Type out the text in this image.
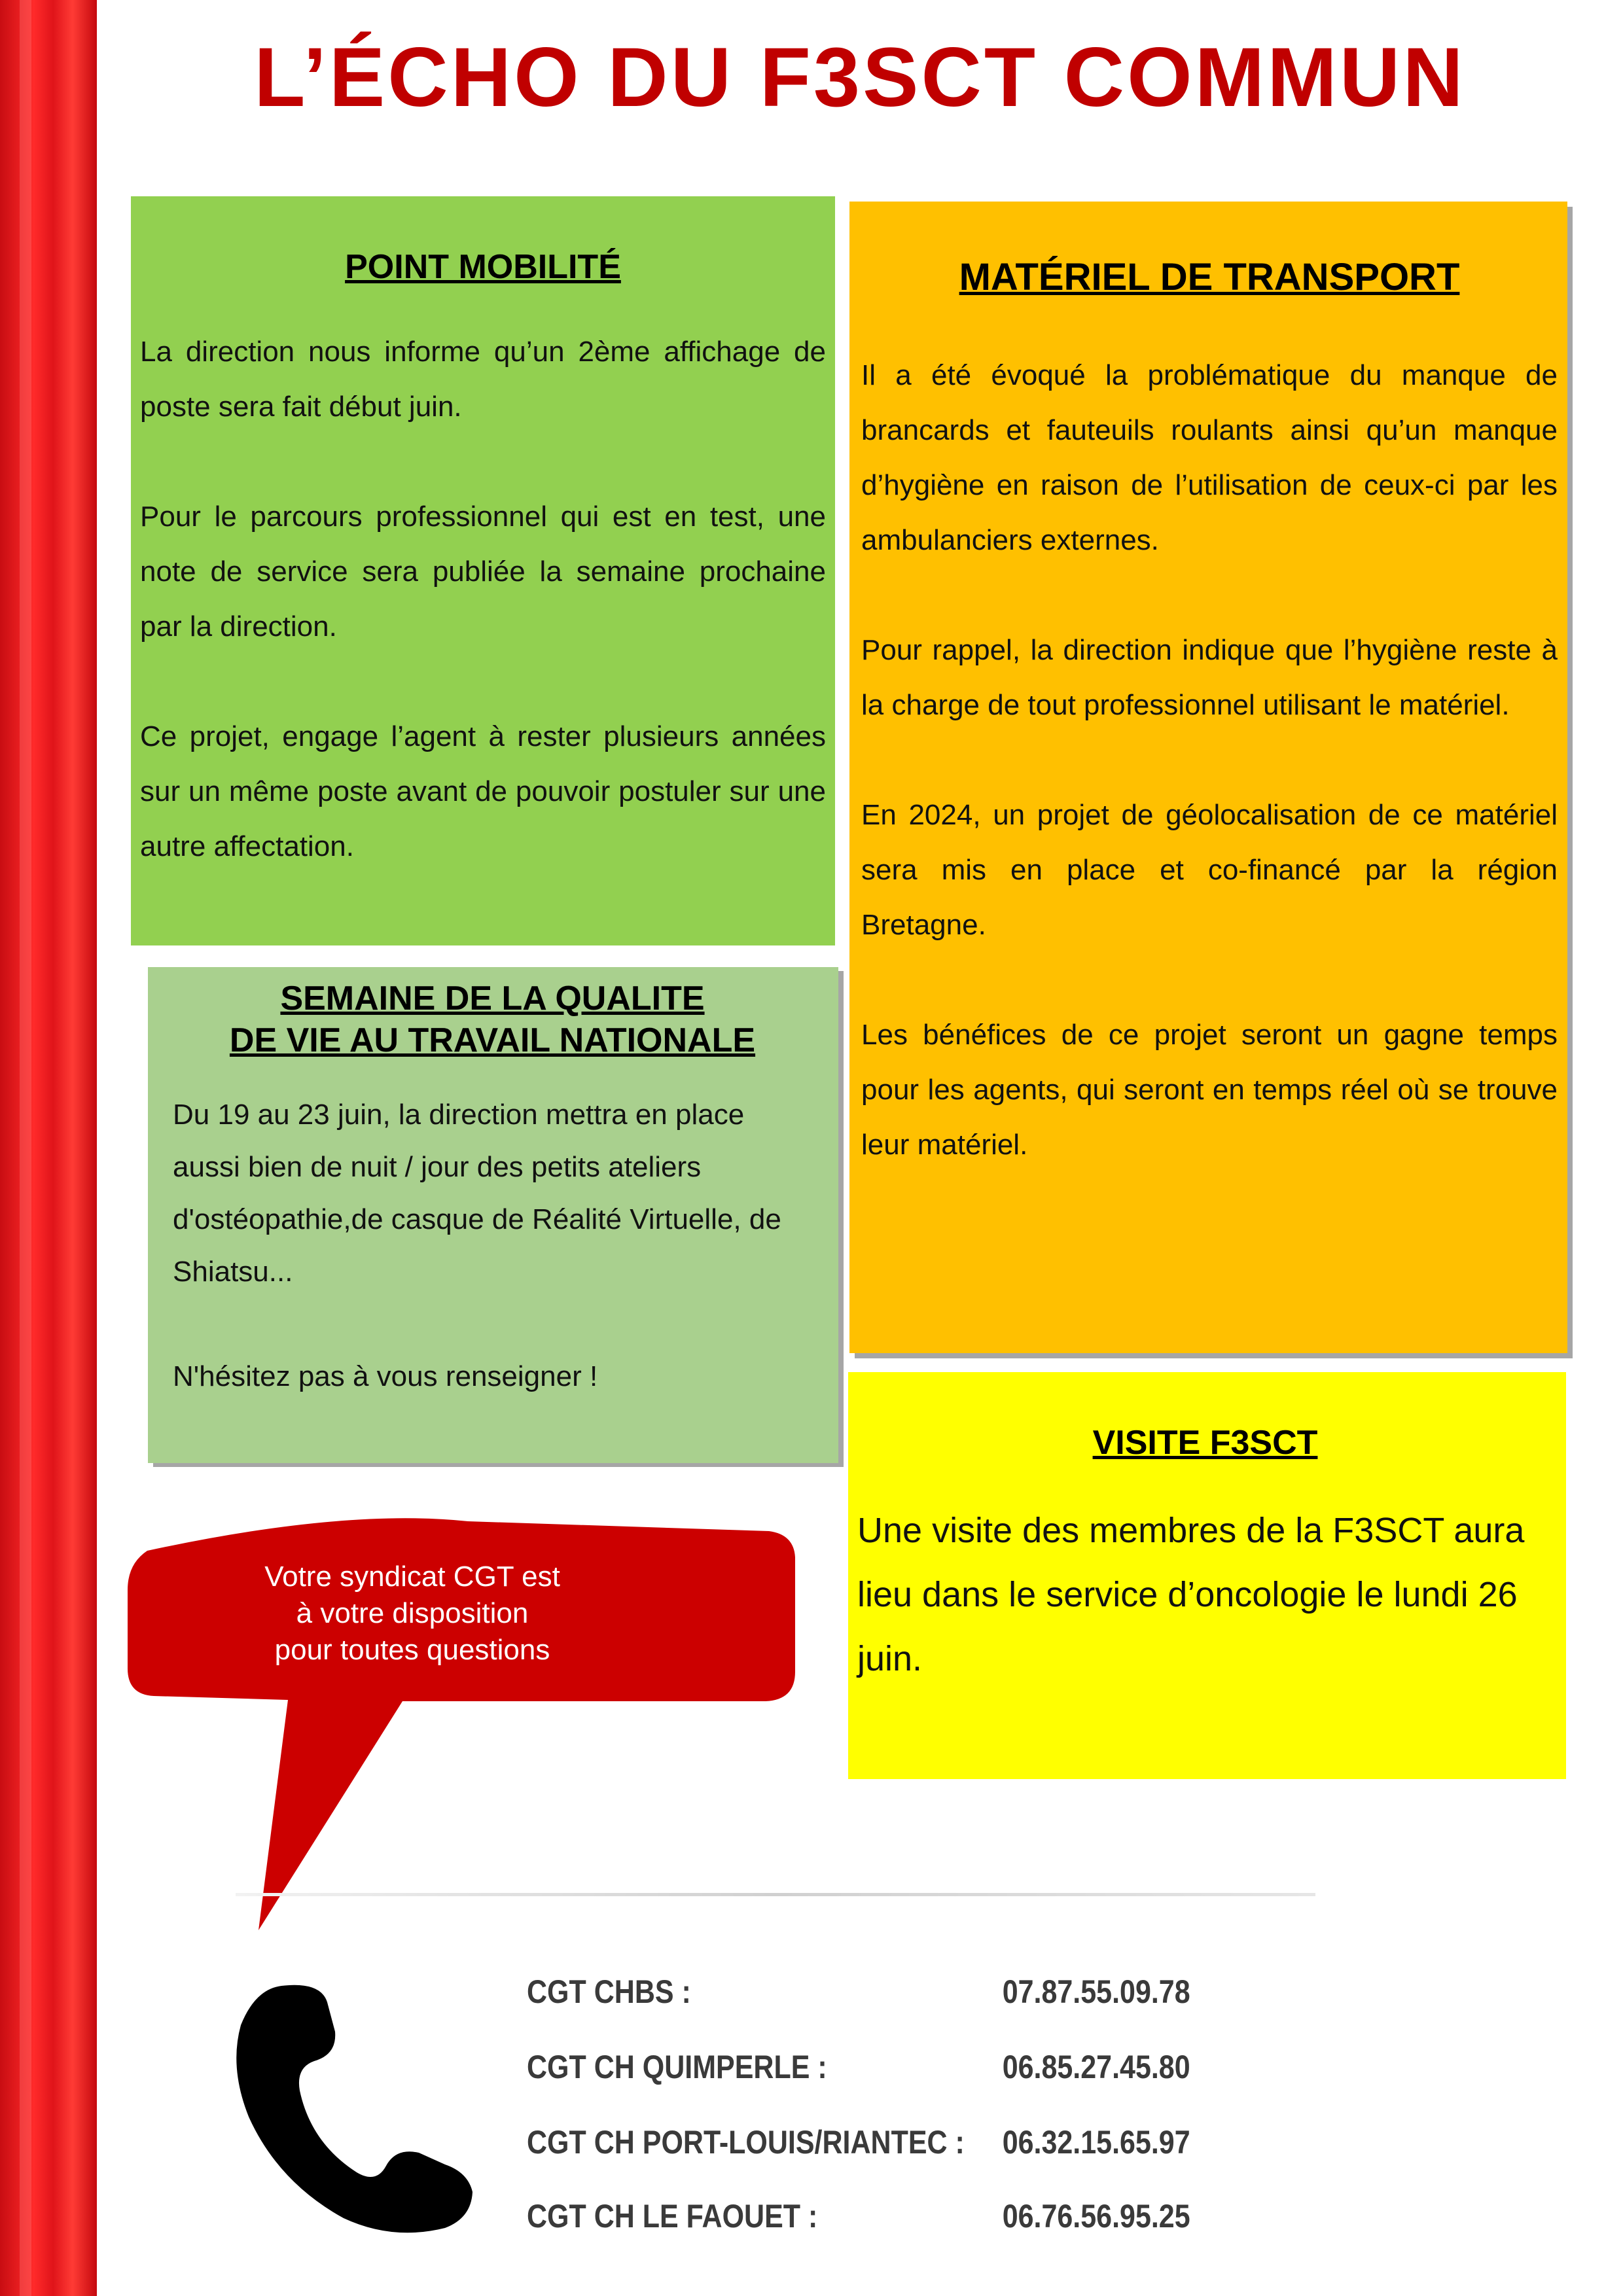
L’ÉCHO DU F3SCT COMMUN
POINT MOBILITÉ

La direction nous informe qu’un 2ème affichage de poste sera fait début juin.

Pour le parcours professionnel qui est en test, une note de service sera publiée la semaine prochaine par la direction.

Ce projet, engage l’agent à rester plusieurs années sur un même poste avant de pouvoir postuler sur une autre affectation.

MATÉRIEL DE TRANSPORT

Il a été évoqué la problématique du manque de brancards et fauteuils roulants ainsi qu’un manque d’hygiène en raison de l’utilisation de ceux-ci par les ambulanciers externes.

Pour rappel, la direction indique que l’hygiène reste à la charge de tout professionnel utilisant le matériel.

En 2024, un projet de géolocalisation de ce matériel sera mis en place et co-financé par la région Bretagne.

Les bénéfices de ce projet seront un gagne temps pour les agents, qui seront en temps réel où se trouve leur matériel.

SEMAINE DE LA QUALITE
DE VIE AU TRAVAIL NATIONALE

Du 19 au 23 juin, la direction mettra en place aussi bien de nuit / jour des petits ateliers d'ostéopathie,de casque de Réalité Virtuelle, de Shiatsu...

N'hésitez pas à vous renseigner !

VISITE F3SCT

Une visite des membres de la F3SCT aura lieu dans le service d’oncologie le lundi 26 juin.

Votre syndicat CGT est
à votre disposition
pour toutes questions
CGT CHBS :	07.87.55.09.78
CGT CH QUIMPERLE :	06.85.27.45.80
CGT CH PORT-LOUIS/RIANTEC : 06.32.15.65.97
CGT CH LE FAOUET :	06.76.56.95.25
